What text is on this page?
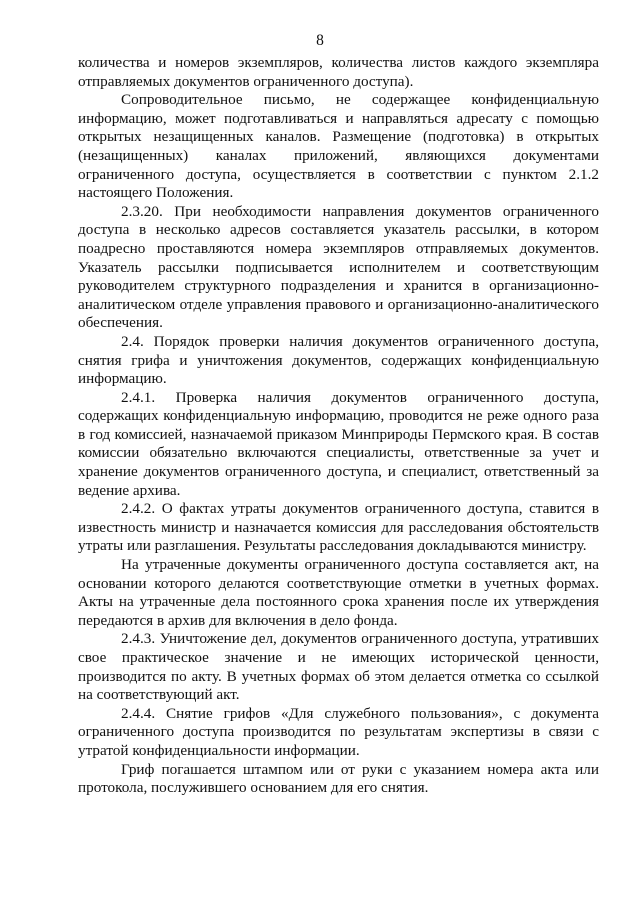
8

количества и номеров экземпляров, количества листов каждого экземпляра отправляемых документов ограниченного доступа).

Сопроводительное письмо, не содержащее конфиденциальную информацию, может подготавливаться и направляться адресату с помощью открытых незащищенных каналов. Размещение (подготовка) в открытых (незащищенных) каналах приложений, являющихся документами ограниченного доступа, осуществляется в соответствии с пунктом 2.1.2 настоящего Положения.

2.3.20. При необходимости направления документов ограниченного доступа в несколько адресов составляется указатель рассылки, в котором поадресно проставляются номера экземпляров отправляемых документов. Указатель рассылки подписывается исполнителем и соответствующим руководителем структурного подразделения и хранится в организационно-аналитическом отделе управления правового и организационно-аналитического обеспечения.

2.4. Порядок проверки наличия документов ограниченного доступа, снятия грифа и уничтожения документов, содержащих конфиденциальную информацию.

2.4.1. Проверка наличия документов ограниченного доступа, содержащих конфиденциальную информацию, проводится не реже одного раза в год комиссией, назначаемой приказом Минприроды Пермского края. В состав комиссии обязательно включаются специалисты, ответственные за учет и хранение документов ограниченного доступа, и специалист, ответственный за ведение архива.

2.4.2. О фактах утраты документов ограниченного доступа, ставится в известность министр и назначается комиссия для расследования обстоятельств утраты или разглашения. Результаты расследования докладываются министру.

На утраченные документы ограниченного доступа составляется акт, на основании которого делаются соответствующие отметки в учетных формах. Акты на утраченные дела постоянного срока хранения после их утверждения передаются в архив для включения в дело фонда.

2.4.3. Уничтожение дел, документов ограниченного доступа, утративших свое практическое значение и не имеющих исторической ценности, производится по акту. В учетных формах об этом делается отметка со ссылкой на соответствующий акт.

2.4.4. Снятие грифов «Для служебного пользования», с документа ограниченного доступа производится по результатам экспертизы в связи с утратой конфиденциальности информации.

Гриф погашается штампом или от руки с указанием номера акта или протокола, послужившего основанием для его снятия.
